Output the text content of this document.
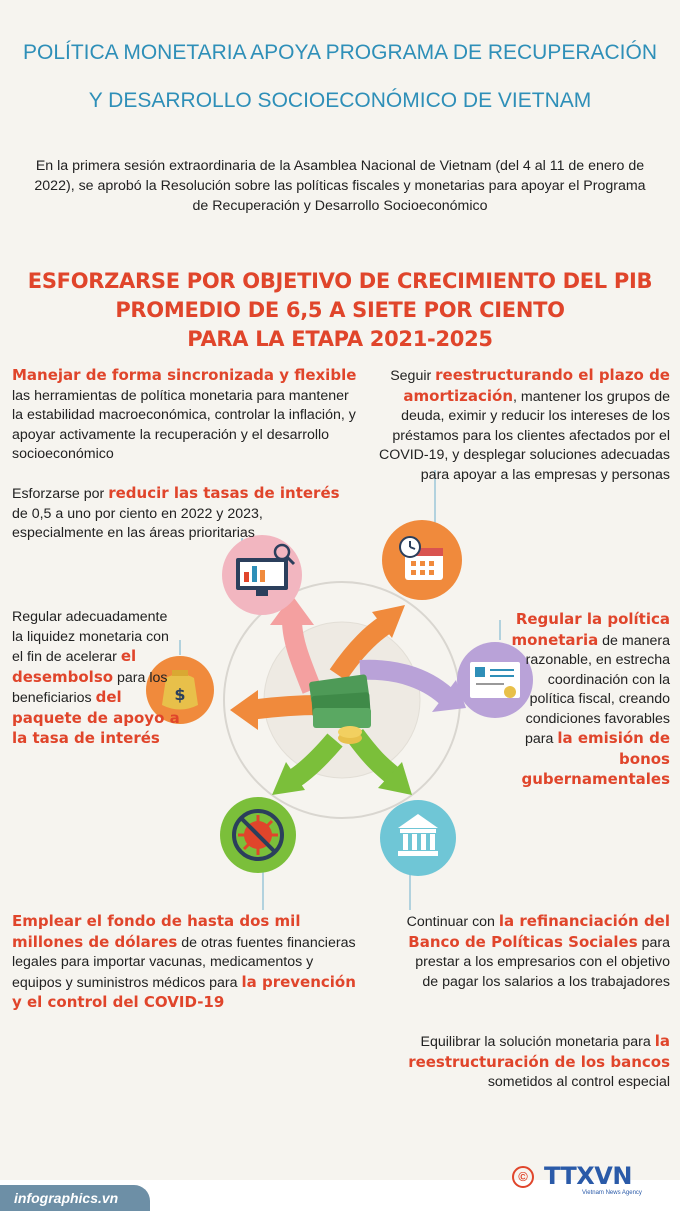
POLÍTICA MONETARIA APOYA PROGRAMA DE RECUPERACIÓN
Y DESARROLLO SOCIOECONÓMICO DE VIETNAM
En la primera sesión extraordinaria de la Asamblea Nacional de Vietnam (del 4 al 11 de enero de 2022), se aprobó la Resolución sobre las políticas fiscales y monetarias para apoyar el Programa de Recuperación y Desarrollo Socioeconómico
ESFORZARSE POR OBJETIVO DE CRECIMIENTO DEL PIB
PROMEDIO DE 6,5 A SIETE POR CIENTO
PARA LA ETAPA 2021-2025
$
Manejar de forma sincronizada y flexible las herramientas de política monetaria para mantener la estabilidad macroeconómica, controlar la inflación, y apoyar activamente la recuperación y el desarrollo socioeconómico
Esforzarse por reducir las tasas de interés de 0,5 a uno por ciento en 2022 y 2023, especialmente en las áreas prioritarias
Seguir reestructurando el plazo de amortización, mantener los grupos de deuda, eximir y reducir los intereses de los préstamos para los clientes afectados por el COVID-19, y desplegar soluciones adecuadas para apoyar a las empresas y personas
Regular adecuadamente la liquidez monetaria con el fin de acelerar el desembolso para los beneficiarios del paquete de apoyo a la tasa de interés
Regular la política monetaria de manera razonable, en estrecha coordinación con la política fiscal, creando condiciones favorables para la emisión de bonos gubernamentales
Emplear el fondo de hasta dos mil millones de dólares de otras fuentes financieras legales para importar vacunas, medicamentos y equipos y suministros médicos para la prevención y el control del COVID-19
Continuar con la refinanciación del Banco de Políticas Sociales para prestar a los empresarios con el objetivo de pagar los salarios a los trabajadores
Equilibrar la solución monetaria para la reestructuración de los bancos sometidos al control especial
infographics.vn
© TTXVN
Vietnam News Agency
